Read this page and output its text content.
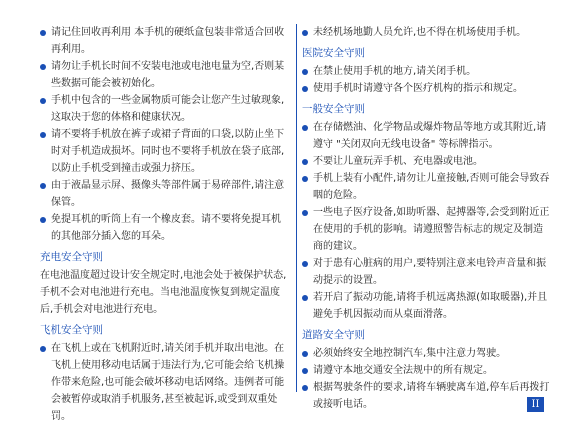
请记住回收再利用 本手机的硬纸盒包装非常适合回收再利用。
请勿让手机长时间不安装电池或电池电量为空,否则某些数据可能会被初始化。
手机中包含的一些金属物质可能会让您产生过敏现象,这取决于您的体格和健康状况。
请不要将手机放在裤子或裙子背面的口袋,以防止坐下时对手机造成损坏。同时也不要将手机放在袋子底部,以防止手机受到撞击或强力挤压。
由于液晶显示屏、摄像头等部件属于易碎部件,请注意保管。
免提耳机的听筒上有一个橡皮套。请不要将免提耳机的其他部分插入您的耳朵。
充电安全守则

在电池温度超过设计安全规定时,电池会处于被保护状态,手机不会对电池进行充电。当电池温度恢复到规定温度后,手机会对电池进行充电。

飞机安全守则
在飞机上或在飞机附近时,请关闭手机并取出电池。在飞机上使用移动电话属于违法行为,它可能会给飞机操作带来危险,也可能会破坏移动电话网络。违例者可能会被暂停或取消手机服务,甚至被起诉,或受到双重处罚。
未经机场地勤人员允许,也不得在机场使用手机。
医院安全守则
在禁止使用手机的地方,请关闭手机。
使用手机时请遵守各个医疗机构的指示和规定。
一般安全守则
在存储燃油、化学物品或爆炸物品等地方或其附近,请遵守 "关闭双向无线电设备" 等标牌指示。
不要让儿童玩弄手机、充电器或电池。
手机上装有小配件,请勿让儿童接触,否则可能会导致吞咽的危险。
一些电子医疗设备,如助听器、起搏器等,会受到附近正在使用的手机的影响。请遵照警告标志的规定及制造商的建议。
对于患有心脏病的用户,要特别注意来电铃声音量和振动提示的设置。
若开启了振动功能,请将手机远离热源(如取暖器),并且避免手机因振动而从桌面滑落。
道路安全守则
必须始终安全地控制汽车,集中注意力驾驶。
请遵守本地交通安全法规中的所有规定。
根据驾驶条件的要求,请将车辆驶离车道,停车后再拨打或接听电话。	II
